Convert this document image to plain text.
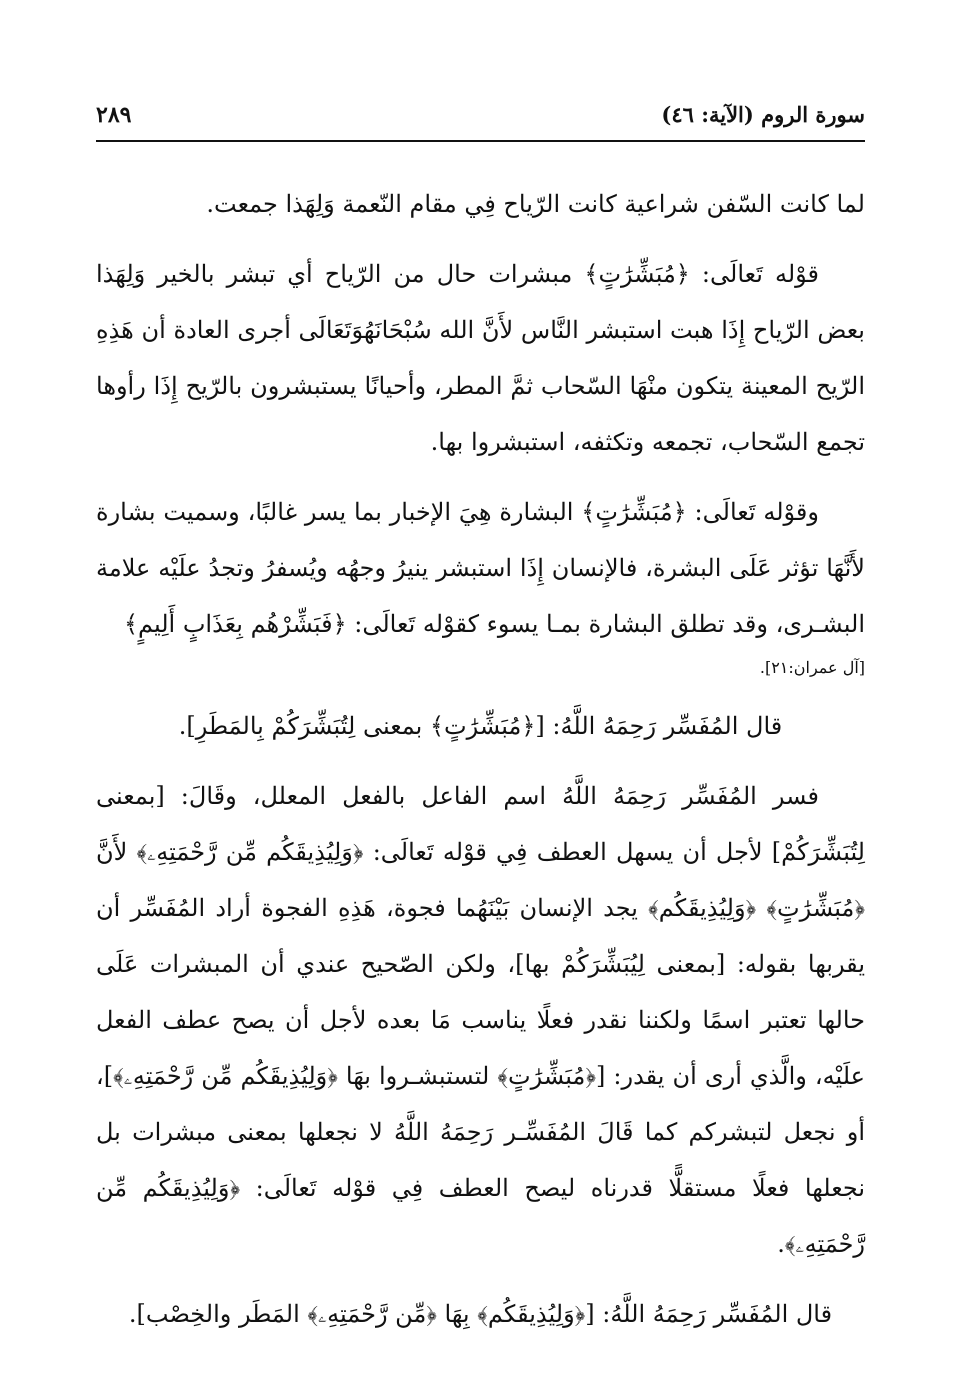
سورة الروم (الآية: ٤٦)
٢٨٩

لما كانت السّفن شراعية كانت الرّياح فِي مقام النّعمة وَلِهَذا جمعت.

قوْله تَعالَى: ﴿مُبَشِّرَٰتٍ﴾ مبشرات حال من الرّياح أي تبشر بالخير وَلِهَذا بعض الرّياح إِذَا هبت استبشر النَّاس لأَنَّ الله سُبْحَانَهُوَتَعَالَى أجرى العادة أن هَذِهِ الرّيح المعينة يتكون منْهَا السّحاب ثمَّ المطر، وأحيانًا يستبشرون بالرّيح إِذَا رأوها تجمع السّحاب، تجمعه وتكثفه، استبشروا بها.

وقوْله تَعالَى: ﴿مُبَشِّرَٰتٍ﴾ البشارة هِيَ الإخبار بما يسر غالبًا، وسميت بشارة لأَنَّهَا تؤثر عَلَى البشرة، فالإنسان إِذَا استبشر ينيرُ وجهُه ويُسفرُ وتجدُ علَيْه علامة البشـرى، وقد تطلق البشارة بمـا يسوء كقوْله تَعالَى: ﴿فَبَشِّرْهُم بِعَذَابٍ أَلِيمٍ﴾

[آل عمران:٢١].

قال المُفَسِّر رَحِمَهُ اللَّهُ: [﴿مُبَشِّرَٰتٍ﴾ بمعنى لِتُبَشِّرَكُمْ بِالمَطَرِ].

فسر المُفَسِّر رَحِمَهُ اللَّهُ اسم الفاعل بالفعل المعلل، وقَالَ: [بمعنى لِتُبَشِّرَكُمْ] لأجل أن يسهل العطف فِي قوْله تَعالَى: ﴿وَلِيُذِيقَكُم مِّن رَّحْمَتِهِۦ﴾ لأَنَّ ﴿مُبَشِّرَٰتٍ﴾ ﴿وَلِيُذِيقَكُم﴾ يجد الإنسان بَيْنَهُما فجوة، هَذِهِ الفجوة أراد المُفَسِّر أن يقربها بقوله: [بمعنى لِيُبَشِّرَكُمْ بها]، ولكن الصّحيح عندي أن المبشرات عَلَى حالها تعتبر اسمًا ولكننا نقدر فعلًا يناسب مَا بعده لأجل أن يصح عطف الفعل علَيْه، والَّذي أرى أن يقدر: [﴿مُبَشِّرَٰتٍ﴾ لتستبشـروا بهَا ﴿وَلِيُذِيقَكُم مِّن رَّحْمَتِهِۦ﴾]، أو نجعل لتبشركم كما قَالَ المُفَسِّـر رَحِمَهُ اللَّهُ لا نجعلها بمعنى مبشرات بل نجعلها فعلًا مستقلًّا قدرناه ليصح العطف فِي قوْله تَعالَى: ﴿وَلِيُذِيقَكُم مِّن رَّحْمَتِهِۦ﴾.

قال المُفَسِّر رَحِمَهُ اللَّهُ: [﴿وَلِيُذِيقَكُم﴾ بِهَا ﴿مِّن رَّحْمَتِهِۦ﴾ المَطَر والخِصْب].
